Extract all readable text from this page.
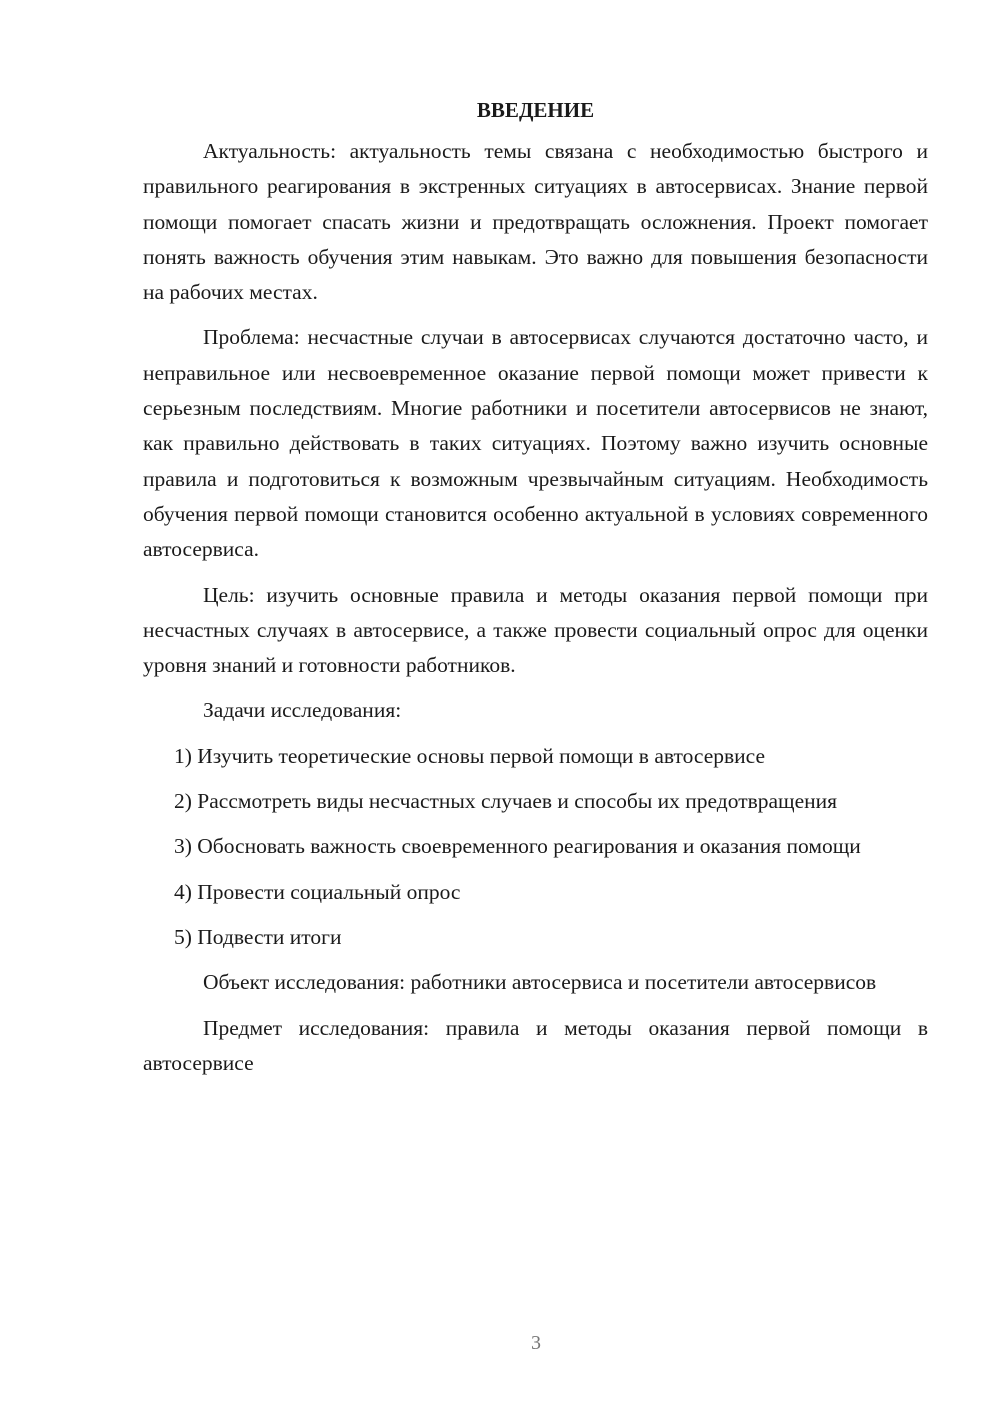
ВВЕДЕНИЕ

Актуальность: актуальность темы связана с необходимостью быстрого и правильного реагирования в экстренных ситуациях в автосервисах. Знание первой помощи помогает спасать жизни и предотвращать осложнения. Проект помогает понять важность обучения этим навыкам. Это важно для повышения безопасности на рабочих местах.

Проблема: несчастные случаи в автосервисах случаются достаточно часто, и неправильное или несвоевременное оказание первой помощи может привести к серьезным последствиям. Многие работники и посетители автосервисов не знают, как правильно действовать в таких ситуациях. Поэтому важно изучить основные правила и подготовиться к возможным чрезвычайным ситуациям. Необходимость обучения первой помощи становится особенно актуальной в условиях современного автосервиса.

Цель: изучить основные правила и методы оказания первой помощи при несчастных случаях в автосервисе, а также провести социальный опрос для оценки уровня знаний и готовности работников.

Задачи исследования:

1) Изучить теоретические основы первой помощи в автосервисе

2) Рассмотреть виды несчастных случаев и способы их предотвращения

3) Обосновать важность своевременного реагирования и оказания помощи

4) Провести социальный опрос

5) Подвести итоги

Объект исследования: работники автосервиса и посетители автосервисов

Предмет исследования: правила и методы оказания первой помощи в автосервисе

3
